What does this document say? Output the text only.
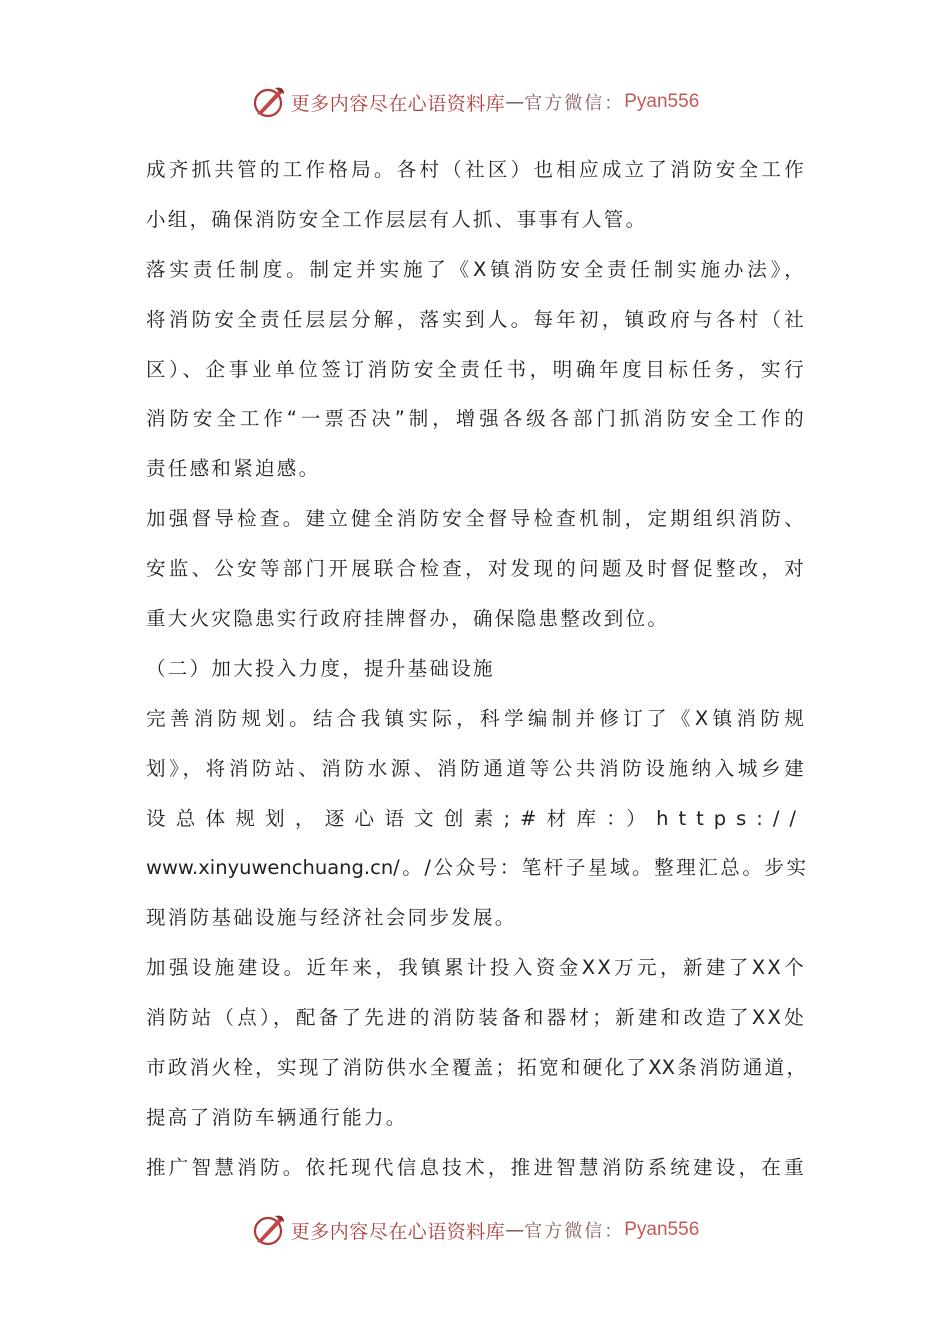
更多内容尽在心语资料库 — 官方微信： Pyan556
成齐抓共管的工作格局。各村（社区）也相应成立了消防安全工作
小组，确保消防安全工作层层有人抓、事事有人管。
落实责任制度。制定并实施了《X镇消防安全责任制实施办法》，
将消防安全责任层层分解，落实到人。每年初，镇政府与各村（社
区）、企事业单位签订消防安全责任书，明确年度目标任务，实行
消防安全工作“一票否决”制，增强各级各部门抓消防安全工作的
责任感和紧迫感。
加强督导检查。建立健全消防安全督导检查机制，定期组织消防、
安监、公安等部门开展联合检查，对发现的问题及时督促整改，对
重大火灾隐患实行政府挂牌督办，确保隐患整改到位。
（二）加大投入力度，提升基础设施
完善消防规划。结合我镇实际，科学编制并修订了《X镇消防规
划》，将消防站、消防水源、消防通道等公共消防设施纳入城乡建
设总体规划，逐心语文创素;#材库：）https://
www.xinyuwenchuang.cn/。/公众号：笔杆子星域。整理汇总。步实
现消防基础设施与经济社会同步发展。
加强设施建设。近年来，我镇累计投入资金XX万元，新建了XX个
消防站（点），配备了先进的消防装备和器材；新建和改造了XX处
市政消火栓，实现了消防供水全覆盖；拓宽和硬化了XX条消防通道，
提高了消防车辆通行能力。
推广智慧消防。依托现代信息技术，推进智慧消防系统建设，在重
更多内容尽在心语资料库 — 官方微信： Pyan556
